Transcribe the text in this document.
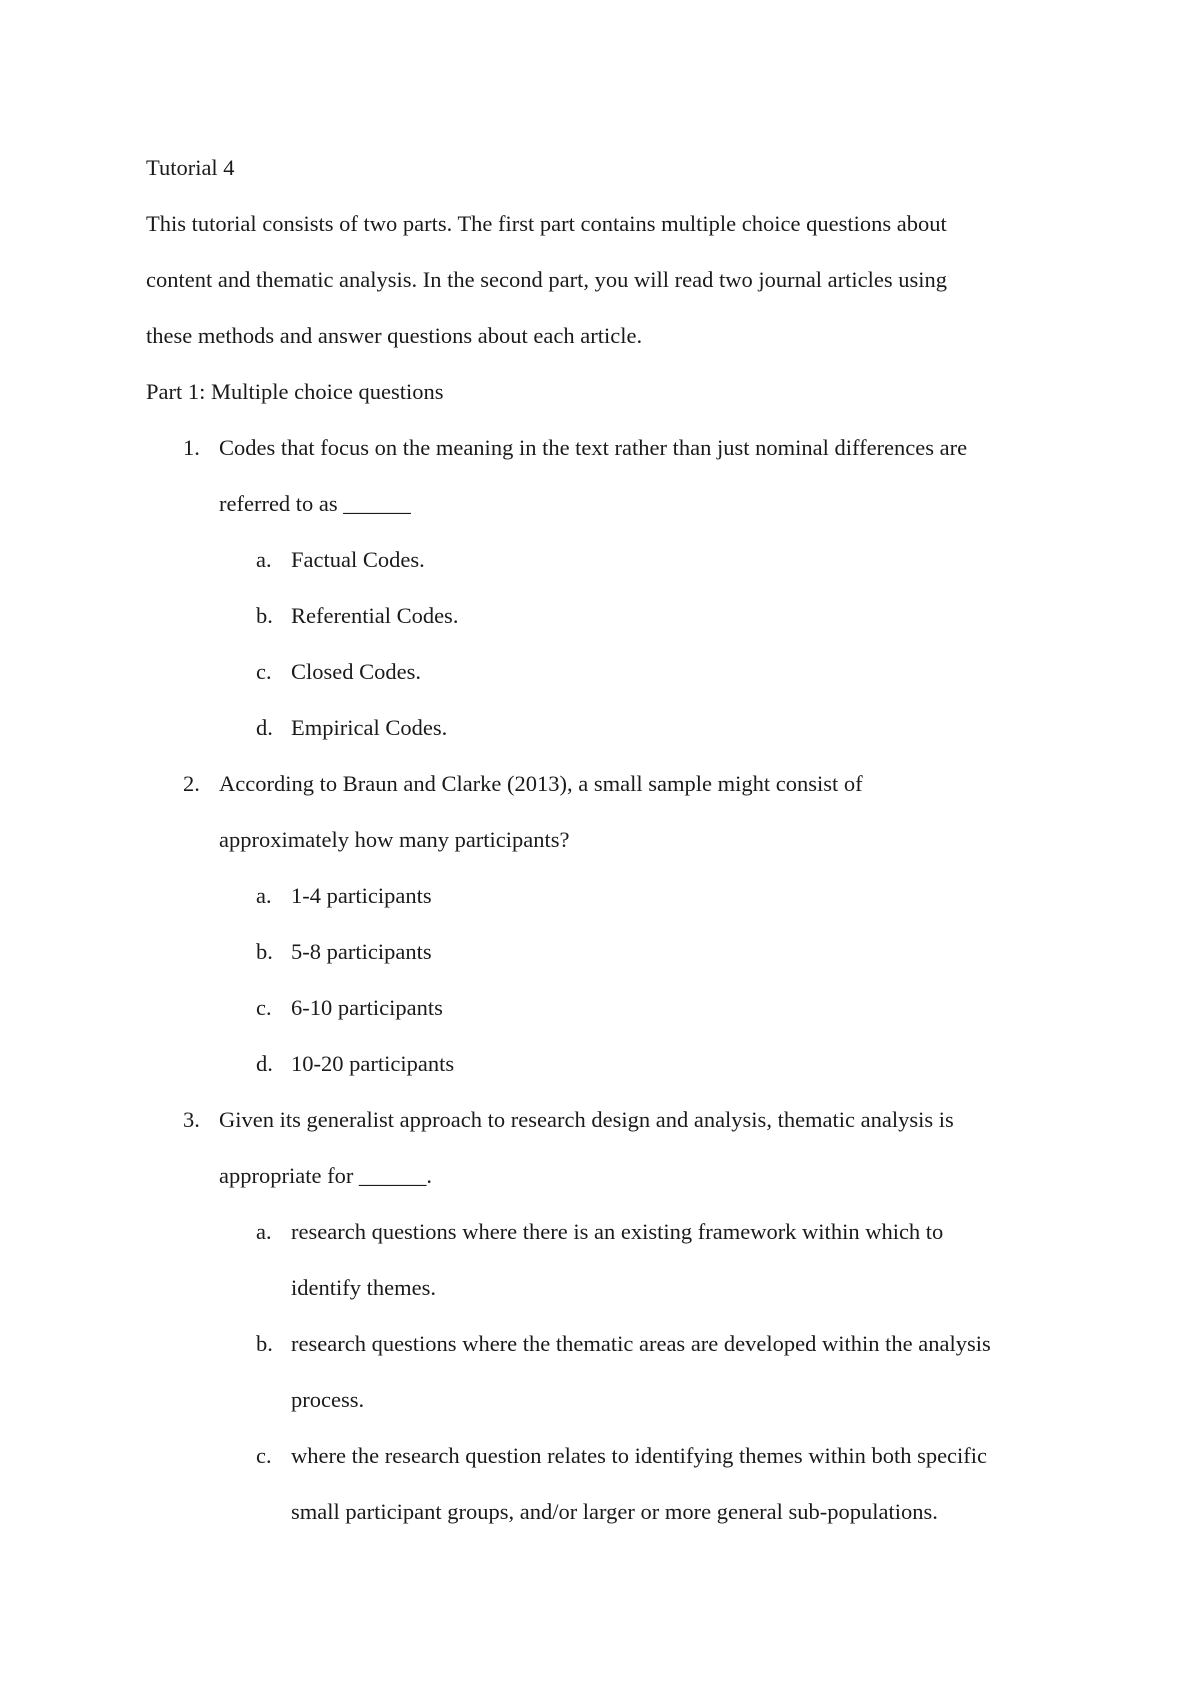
Tutorial 4

This tutorial consists of two parts. The first part contains multiple choice questions about
content and thematic analysis. In the second part, you will read two journal articles using
these methods and answer questions about each article.

Part 1: Multiple choice questions

1. Codes that focus on the meaning in the text rather than just nominal differences are
referred to as ______
a. Factual Codes.
b. Referential Codes.
c. Closed Codes.
d. Empirical Codes.
2. According to Braun and Clarke (2013), a small sample might consist of
approximately how many participants?
a. 1-4 participants
b. 5-8 participants
c. 6-10 participants
d. 10-20 participants
3. Given its generalist approach to research design and analysis, thematic analysis is
appropriate for ______.
a. research questions where there is an existing framework within which to
identify themes.
b. research questions where the thematic areas are developed within the analysis
process.
c. where the research question relates to identifying themes within both specific
small participant groups, and/or larger or more general sub-populations.
